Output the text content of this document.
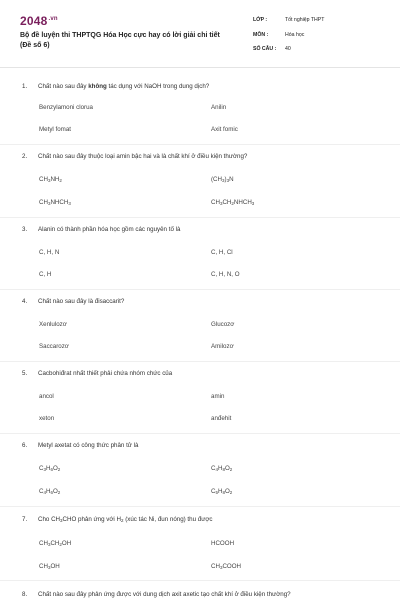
$2048^{.vn}$
Bộ đề luyện thi THPTQG Hóa Học cực hay có lời giải chi tiết (Đề số 6)
LỚP :	Tốt nghiệp THPT
MÔN :	Hóa học
SỐ CÂU : 40
1. Chất nào sau đây không tác dụng với NaOH trong dung dịch?
Benzylamoni clorua	Anilin
Metyl fomat	Axit fomic
2. Chất nào sau đây thuộc loại amin bậc hai và là chất khí ở điều kiện thường?
$CH_3NH_2$	$(CH_3)_3N$
$CH_3NHCH_3$	$CH_3CH_2NHCH_3$
3. Alanin có thành phần hóa học gồm các nguyên tố là
C, H, N	C, H, Cl
C, H	C, H, N, O
4. Chất nào sau đây là đisaccarit?
Xenlulozơ	Glucozơ
Saccarozơ	Amilozơ
5. Cacbohiđrat nhất thiết phải chứa nhóm chức của
ancol	amin
xeton	anđehit
6. Metyl axetat có công thức phân tử là
$C_3H_6O_2$	$C_4H_8O_2$
$C_4H_6O_2$	$C_5H_8O_2$
7. Cho $CH_3CHO$ phản ứng với $H_2$ (xúc tác Ni, đun nóng) thu được
$CH_3CH_2OH$	HCOOH
$CH_3OH$	$CH_3COOH$
8. Chất nào sau đây phản ứng được với dung dịch axit axetic tạo chất khí ở điều kiện thường?
